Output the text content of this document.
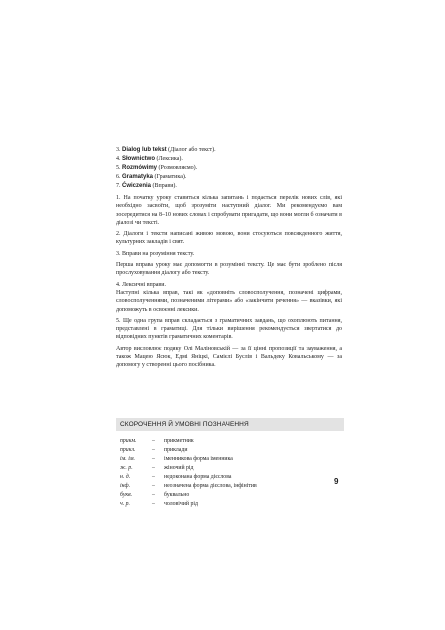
3. Dialog lub tekst (Діалог або текст).
4. Słownictwo (Лексика).
5. Rozmówimy (Розмовляємо).
6. Gramatyka (Граматика).
7. Ćwiczenia (Вправи).

1. На початку уроку ставиться кілька запитань і подається перелік нових слів, які необхідно засвоїти, щоб зрозуміти наступний діалог. Ми рекомендуємо вам зосередитися на 8–10 нових словах і спробувати пригадати, що вони могли б означати в діалозі чи тексті.

2. Діалоги і тексти написані живою мовою, вони стосуються повсякденного життя, культурних закладів і свят.

3. Вправи на розуміння тексту.

Перша вправа уроку має допомогти в розумінні тексту. Це має бути зроблено після прослуховування діалогу або тексту.

4. Лексичні вправи.

Наступні кілька вправ, такі як «доповніть словосполучення, позначені цифрами, словосполученнями, позначеними літерами» або «закінчити речення» — вказівки, які допоможуть в освоєнні лексики.

5. Ще одна група вправ складається з граматичних завдань, що охоплюють питання, представлені в граматиці. Для тільки вирішення рекомендується звертатися до відповідних пунктів граматичних коментарів.

Автор висловлює подяку Олі Маліновській — за її цінні пропозиції та зауваження, а також Мацею Ясюк, Едмі Яніцкі, Самієлі Буслів і Вальдеку Ковальському — за допомогу у створенні цього посібника.

СКОРОЧЕННЯ Й УМОВНІ ПОЗНАЧЕННЯ
прикм.	–	прикметник
прикл.	–	приклади
ім. ім.	–	іменникова форма іменника
ж. р.	–	жіночий рід
н. д.	–	недоконана форма дієслова
інф.	–	неозначена форма дієслова, інфінітив
букв.	–	буквально
ч. р.	–	чоловічий рід
9
